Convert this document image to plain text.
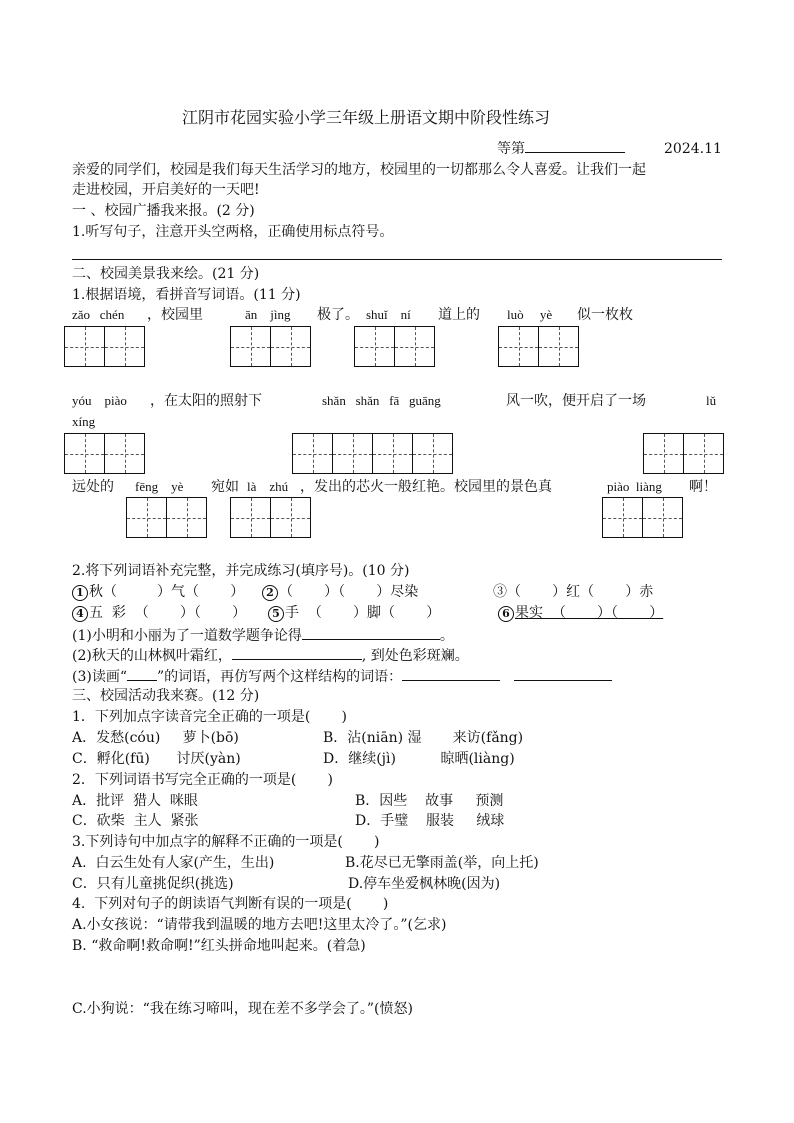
江阴市花园实验小学三年级上册语文期中阶段性练习
等第	2024.11
亲爱的同学们，校园是我们每天生活学习的地方，校园里的一切都那么令人喜爱。让我们一起
走进校园，开启美好的一天吧!
一 、校园广播我来报。(2 分)
1.听写句子，注意开头空两格，正确使用标点符号。
二、校园美景我来绘。(21 分)
1.根据语境，看拼音写词语。(11 分)
zǎo   chén ，校园里	ān    jìng 极了。 shuǐ    ní 道上的 luò     yè 似一枚枚
yóu    piào ，在太阳的照射下	shǎn   shǎn   fā   guāng	风一吹，便开启了一场	lǔ
xíng
远处的 fēng    yè 宛如 là    zhú ，发出的芯火一般红艳。校园里的景色真	piào  liàng 啊！
2.将下列词语补充完整，并完成练习(填序号)。(10 分)
1 秋（         ）气（       ）	2 （       ）（       ）尽染	③（       ）红（       ）赤
4 五  彩  （       ）（       ）	5 手  （       ）脚（       ）	6 果实  （       ）（       ）
(1)小明和小丽为了一道数学题争论得	。
(2)秋天的山林枫叶霜红，	, 到处色彩斑斓。
(3)读画“ ”的词语，再仿写两个这样结构的词语：
三、校园活动我来赛。(12 分)
1．下列加点字读音完全正确的一项是(       )
A．发愁(cóu)     萝卜(bō)	B．沾(niān) 湿       来访(fǎng)
C．孵化(fū)      讨厌(yàn)	D．继续(jì)          晾晒(liàng)
2．下列词语书写完全正确的一项是(       )
A．批评  猎人  咪眼	B．因些    故事     预测
C．砍柴  主人  紧张	D．手璧    服装     绒球
3.下列诗句中加点字的解释不正确的一项是(       )
A.  白云生处有人家(产生，生出)	B.花尽已无擎雨盖(举，向上托)
C．只有儿童挑促织(挑选)	D.停车坐爱枫林晚(因为)
4.  下列对句子的朗读语气判断有误的一项是(       )
A.小女孩说：“请带我到温暖的地方去吧!这里太冷了。”(乞求)
B. “救命啊!救命啊!”红头拼命地叫起来。(着急)
C.小狗说：“我在练习啼叫，现在差不多学会了。”(愤怒)
